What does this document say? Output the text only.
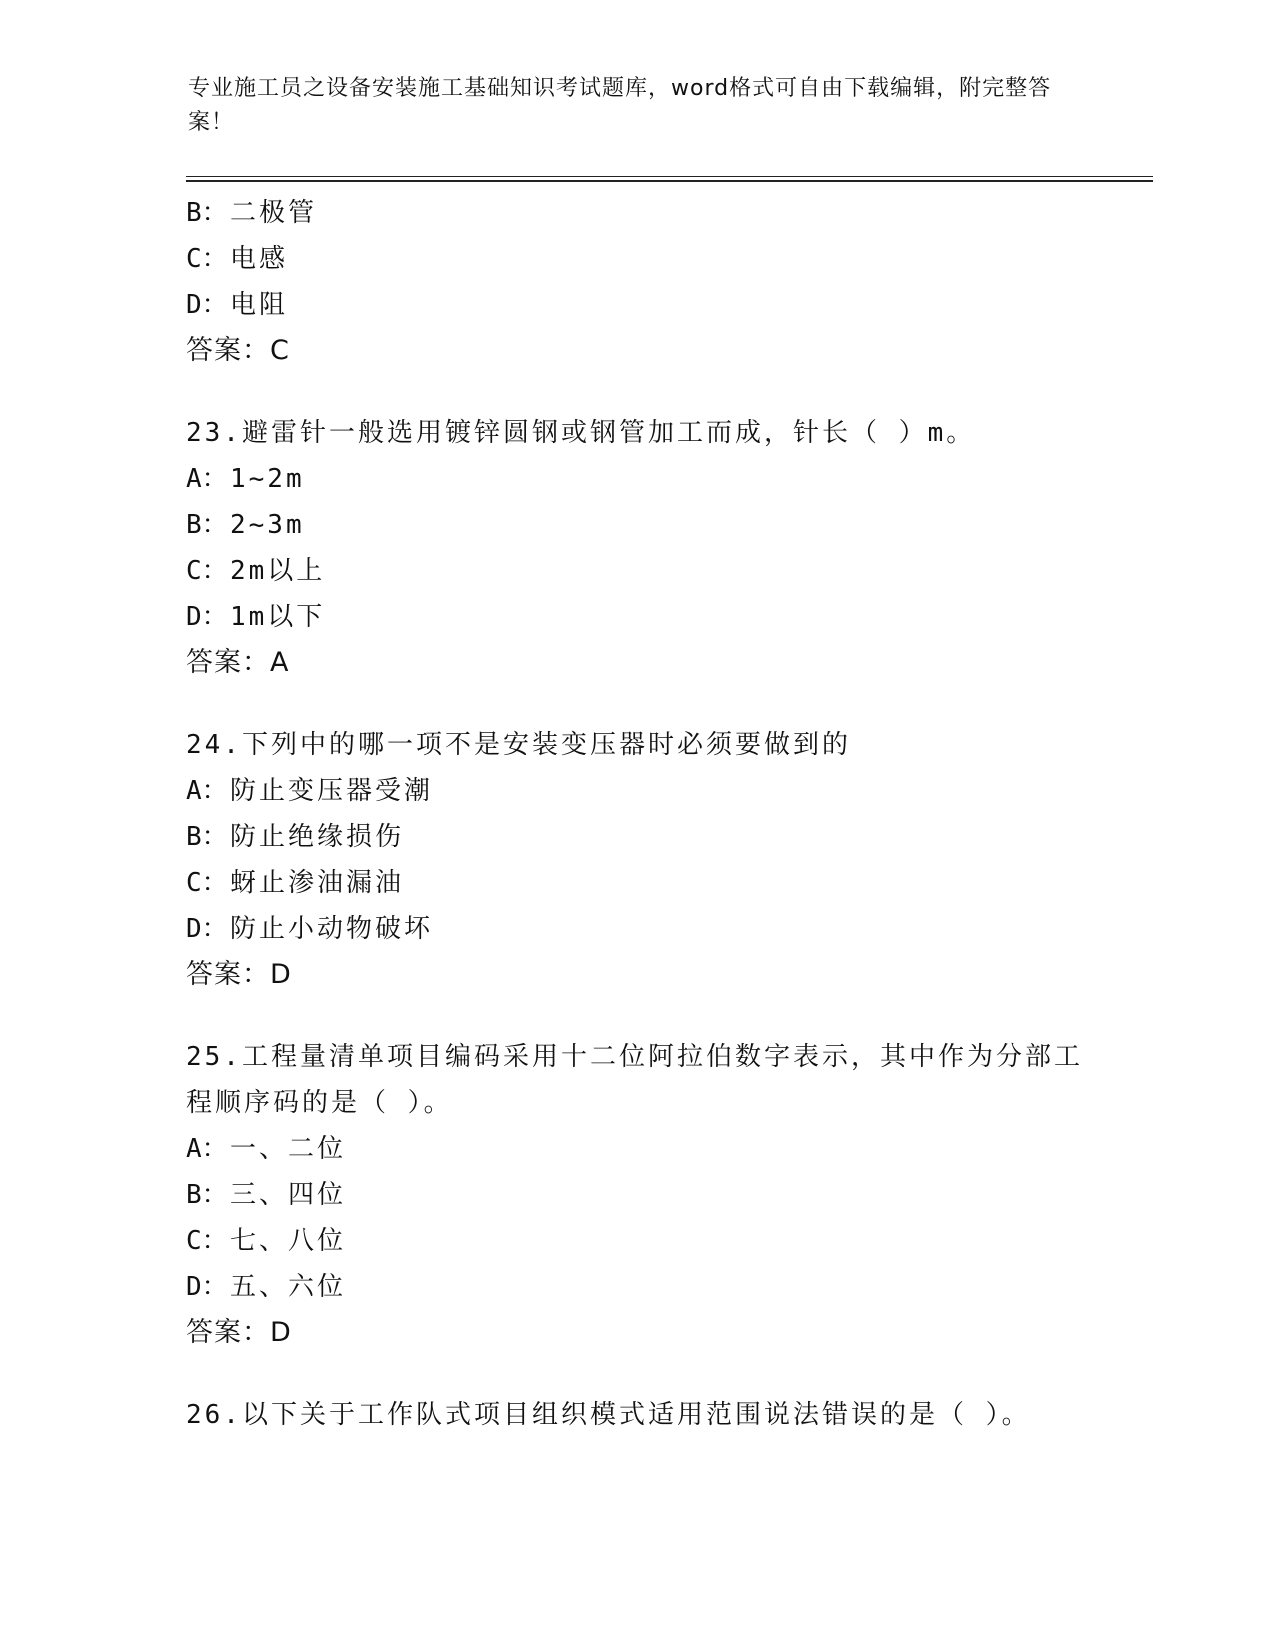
专业施工员之设备安装施工基础知识考试题库，word格式可自由下载编辑，附完整答案！
B：二极管
C：电感
D：电阻
答案：C
23.避雷针一般选用镀锌圆钢或钢管加工而成，针长（ ）m。
A：1~2m
B：2~3m
C：2m以上
D：1m以下
答案：A
24.下列中的哪一项不是安装变压器时必须要做到的
A：防止变压器受潮
B：防止绝缘损伤
C：蚜止渗油漏油
D：防止小动物破坏
答案：D
25.工程量清单项目编码采用十二位阿拉伯数字表示，其中作为分部工程顺序码的是（ ）。
A：一、二位
B：三、四位
C：七、八位
D：五、六位
答案：D
26.以下关于工作队式项目组织模式适用范围说法错误的是（ ）。
